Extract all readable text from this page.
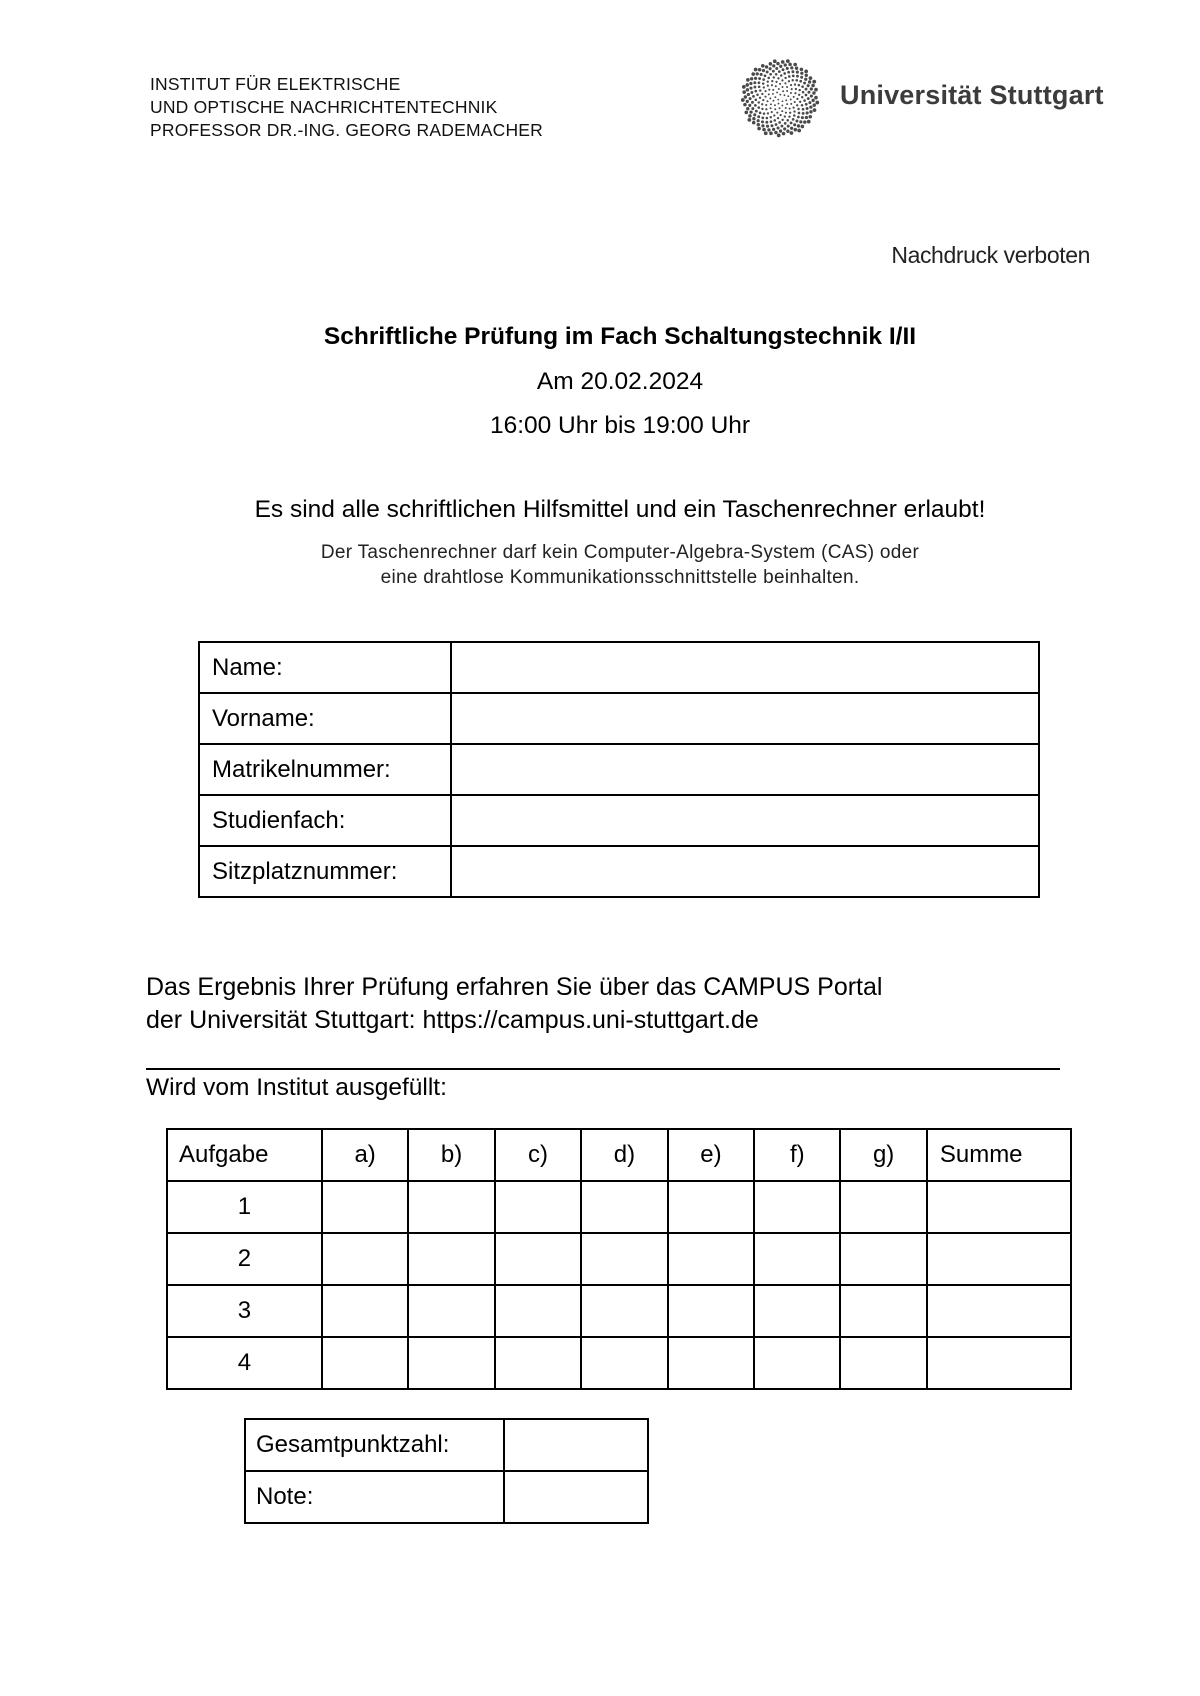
INSTITUT FÜR ELEKTRISCHE
UND OPTISCHE NACHRICHTENTECHNIK
PROFESSOR DR.-ING. GEORG RADEMACHER
Universität Stuttgart
Nachdruck verboten
Schriftliche Prüfung im Fach Schaltungstechnik I/II
Am 20.02.2024
16:00 Uhr bis 19:00 Uhr
Es sind alle schriftlichen Hilfsmittel und ein Taschenrechner erlaubt!
Der Taschenrechner darf kein Computer-Algebra-System (CAS) oder
eine drahtlose Kommunikationsschnittstelle beinhalten.
Name:	
Vorname:	
Matrikelnummer:	
Studienfach:	
Sitzplatznummer:	
Das Ergebnis Ihrer Prüfung erfahren Sie über das CAMPUS Portal
der Universität Stuttgart: https://campus.uni-stuttgart.de
Wird vom Institut ausgefüllt:
Aufgabe	a)	b)	c)	d)	e)	f)	g)	Summe
1								
2								
3								
4								
Gesamtpunktzahl:	
Note:	
